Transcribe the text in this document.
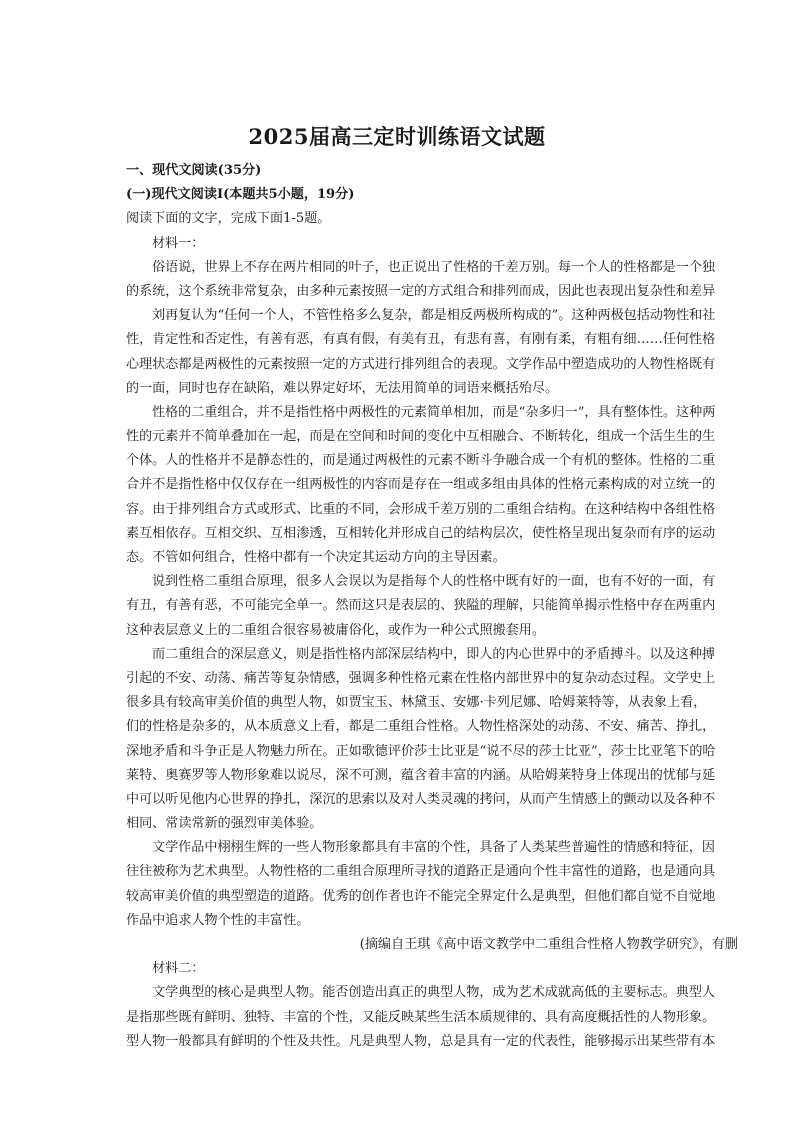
2025届高三定时训练语文试题
一、现代文阅读(35分)
(一)现代文阅读Ⅰ(本题共5小题，19分)
阅读下面的文字，完成下面1-5题。
材料一：
俗语说，世界上不存在两片相同的叶子，也正说出了性格的千差万别。每一个人的性格都是一个独
的系统，这个系统非常复杂，由多种元素按照一定的方式组合和排列而成，因此也表现出复杂性和差异
刘再复认为“任何一个人，不管性格多么复杂，都是相反两极所构成的”。这种两极包括动物性和社
性，肯定性和否定性，有善有恶，有真有假，有美有丑，有悲有喜，有刚有柔，有粗有细……任何性格
心理状态都是两极性的元素按照一定的方式进行排列组合的表现。文学作品中塑造成功的人物性格既有
的一面，同时也存在缺陷，难以界定好坏，无法用简单的词语来概括殆尽。
性格的二重组合，并不是指性格中两极性的元素简单相加，而是“杂多归一”，具有整体性。这种两
性的元素并不简单叠加在一起，而是在空间和时间的变化中互相融合、不断转化，组成一个活生生的生
个体。人的性格并不是静态性的，而是通过两极性的元素不断斗争融合成一个有机的整体。性格的二重
合并不是指性格中仅仅存在一组两极性的内容而是存在一组或多组由具体的性格元素构成的对立统一的
容。由于排列组合方式或形式、比重的不同，会形成千差万别的二重组合结构。在这种结构中各组性格
素互相依存。互相交织、互相渗透，互相转化并形成自己的结构层次，使性格呈现出复杂而有序的运动
态。不管如何组合，性格中都有一个决定其运动方向的主导因素。
说到性格二重组合原理，很多人会误以为是指每个人的性格中既有好的一面，也有不好的一面，有
有丑，有善有恶，不可能完全单一。然而这只是表层的、狭隘的理解，只能简单揭示性格中存在两重内
这种表层意义上的二重组合很容易被庸俗化，或作为一种公式照搬套用。
而二重组合的深层意义，则是指性格内部深层结构中，即人的内心世界中的矛盾搏斗。以及这种搏
引起的不安、动荡、痛苦等复杂情感，强调多种性格元素在性格内部世界中的复杂动态过程。文学史上
很多具有较高审美价值的典型人物，如贾宝玉、林黛玉、安娜·卡列尼娜、哈姆莱特等，从表象上看，
们的性格是杂多的，从本质意义上看，都是二重组合性格。人物性格深处的动荡、不安、痛苦、挣扎，
深地矛盾和斗争正是人物魅力所在。正如歌德评价莎士比亚是“说不尽的莎士比亚”，莎士比亚笔下的哈
莱特、奥赛罗等人物形象难以说尽，深不可测，蕴含着丰富的内涵。从哈姆莱特身上体现出的忧郁与延
中可以听见他内心世界的挣扎，深沉的思索以及对人类灵魂的拷问，从而产生情感上的颤动以及各种不
相同、常读常新的强烈审美体验。
文学作品中栩栩生辉的一些人物形象都具有丰富的个性，具备了人类某些普遍性的情感和特征，因
往往被称为艺术典型。人物性格的二重组合原理所寻找的道路正是通向个性丰富性的道路，也是通向具
较高审美价值的典型塑造的道路。优秀的创作者也许不能完全界定什么是典型，但他们都自觉不自觉地
作品中追求人物个性的丰富性。
(摘编自王琪《高中语文教学中二重组合性格人物教学研究》，有删
材料二：
文学典型的核心是典型人物。能否创造出真正的典型人物，成为艺术成就高低的主要标志。典型人
是指那些既有鲜明、独特、丰富的个性，又能反映某些生活本质规律的、具有高度概括性的人物形象。
型人物一般都具有鲜明的个性及共性。凡是典型人物，总是具有一定的代表性，能够揭示出某些带有本
